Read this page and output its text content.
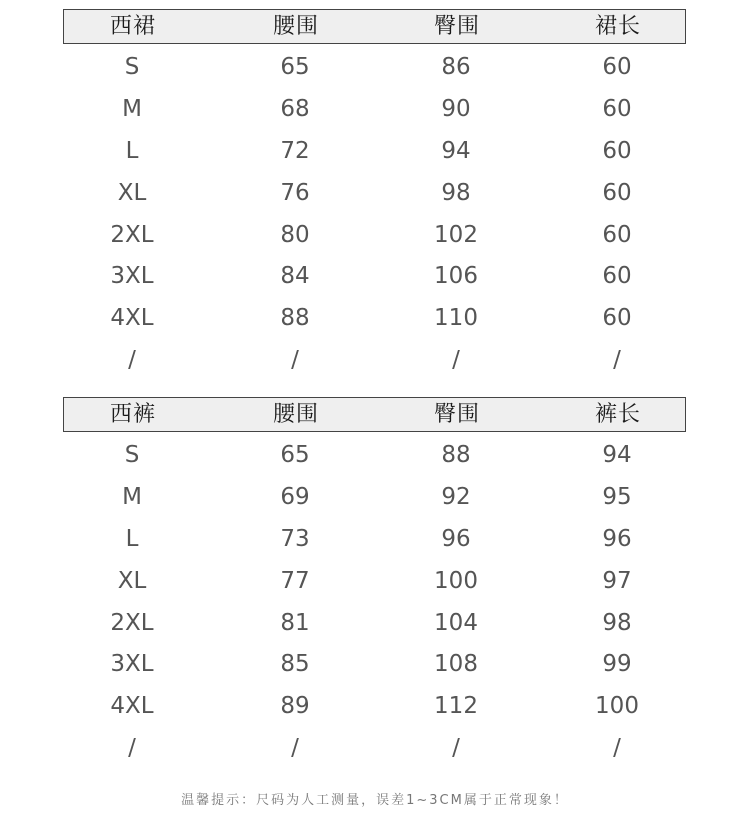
西裙	腰围	臀围	裙长
S	65	86	60
M	68	90	60
L	72	94	60
XL	76	98	60
2XL	80	102	60
3XL	84	106	60
4XL	88	110	60
/	/	/	/
西裤	腰围	臀围	裤长
S	65	88	94
M	69	92	95
L	73	96	96
XL	77	100	97
2XL	81	104	98
3XL	85	108	99
4XL	89	112	100
/	/	/	/
温馨提示：尺码为人工测量，误差1~3CM属于正常现象！
